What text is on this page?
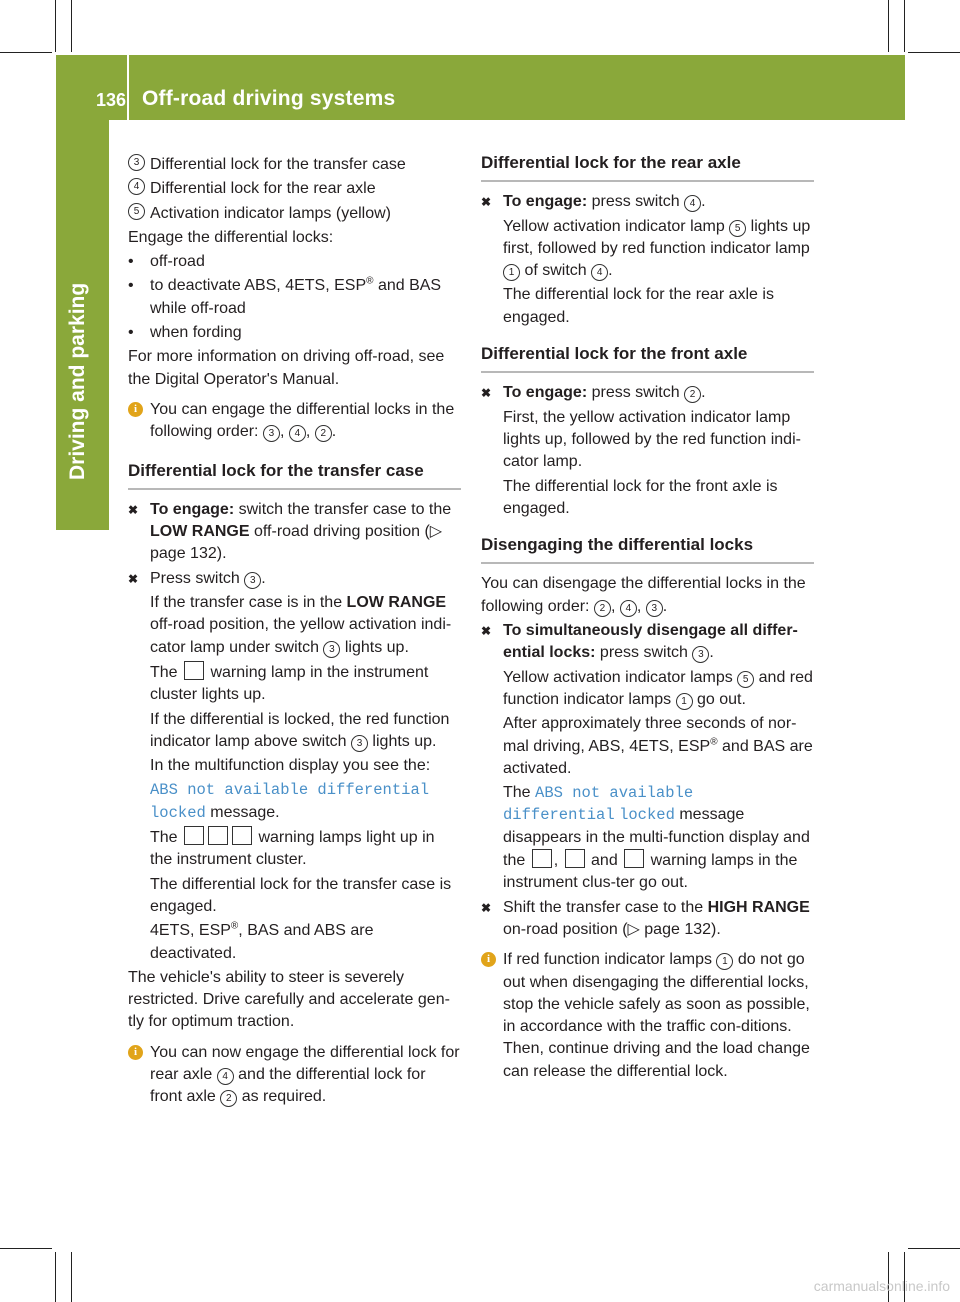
136 Off-road driving systems
Driving and parking
3 Differential lock for the transfer case
4 Differential lock for the rear axle
5 Activation indicator lamps (yellow)

Engage the differential locks:

• off-road
• to deactivate ABS, 4ETS, ESP® and BAS
while off-road
• when fording

For more information on driving off-road, see the Digital Operator's Manual.

i You can engage the differential locks in the following order: 3 , 4 , 2 .
Differential lock for the transfer case
✖ To engage: switch the transfer case to the LOW RANGE off-road driving position (▷ page 132).
✖ Press switch 3 .
If the transfer case is in the LOW RANGE off-road position, the yellow activation indi-cator lamp under switch 3 lights up.
The  warning lamp in the instrument cluster lights up.
If the differential is locked, the red function indicator lamp above switch 3 lights up.
In the multifunction display you see the:
ABS not available differential
locked message.
The	warning lamps light up in the instrument cluster.
The differential lock for the transfer case is engaged.
4ETS, ESP®, BAS and ABS are deactivated.

The vehicle's ability to steer is severely restricted. Drive carefully and accelerate gen-tly for optimum traction.

i You can now engage the differential lock for rear axle 4 and the differential lock for front axle 2 as required.
Differential lock for the rear axle
✖ To engage: press switch 4 .
Yellow activation indicator lamp 5 lights up first, followed by red function indicator lamp 1 of switch 4 .
The differential lock for the rear axle is engaged.
Differential lock for the front axle
✖ To engage: press switch 2 .
First, the yellow activation indicator lamp lights up, followed by the red function indi-cator lamp.
The differential lock for the front axle is engaged.
Disengaging the differential locks

You can disengage the differential locks in the following order: 2 , 4 , 3 .

✖ To simultaneously disengage all differ-ential locks: press switch 3 .
Yellow activation indicator lamps 5 and red function indicator lamps 1 go out.
After approximately three seconds of nor-mal driving, ABS, 4ETS, ESP® and BAS are activated.
The ABS not available differential locked message disappears in the multi-function display and the ,  and  warning lamps in the instrument clus-ter go out.
✖ Shift the transfer case to the HIGH RANGE on-road position (▷ page 132).
i If red function indicator lamps 1 do not go out when disengaging the differential locks, stop the vehicle safely as soon as possible, in accordance with the traffic con-ditions. Then, continue driving and the load change can release the differential lock.
carmanualsonline.info
